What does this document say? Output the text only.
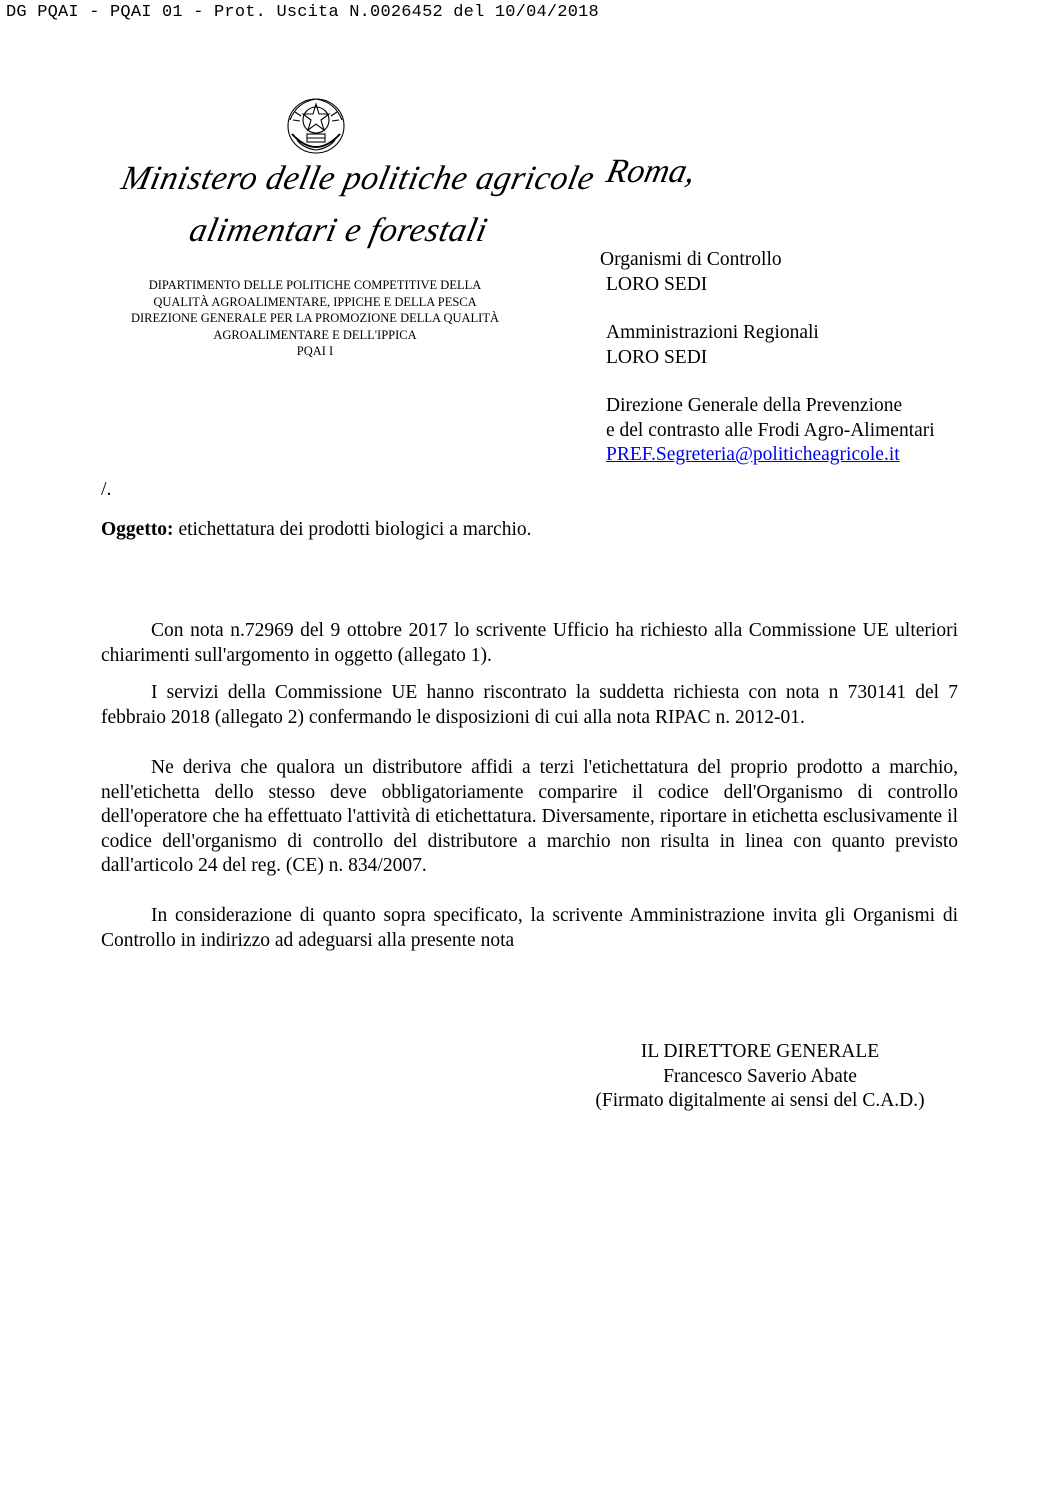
DG PQAI - PQAI 01 - Prot. Uscita N.0026452 del 10/04/2018
Ministero delle politiche agricole
alimentari e forestali
Roma,
DIPARTIMENTO DELLE POLITICHE COMPETITIVE DELLA
QUALITÀ AGROALIMENTARE, IPPICHE E DELLA PESCA
DIREZIONE GENERALE PER LA PROMOZIONE DELLA QUALITÀ
AGROALIMENTARE E DELL'IPPICA
PQAI I
Organismi di Controllo
LORO SEDI
Amministrazioni Regionali
LORO SEDI
Direzione Generale della Prevenzione
e del contrasto alle Frodi Agro-Alimentari
PREF.Segreteria@politicheagricole.it
/.
Oggetto: etichettatura dei prodotti biologici a marchio.

Con nota n.72969 del 9 ottobre 2017 lo scrivente Ufficio ha richiesto alla Commissione UE ulteriori chiarimenti sull'argomento in oggetto (allegato 1).

I servizi della Commissione UE hanno riscontrato la suddetta richiesta con nota n 730141 del 7 febbraio 2018 (allegato 2) confermando le disposizioni di cui alla nota RIPAC n. 2012-01.

Ne deriva che qualora un distributore affidi a terzi l'etichettatura del proprio prodotto a marchio, nell'etichetta dello stesso deve obbligatoriamente comparire il codice dell'Organismo di controllo dell'operatore che ha effettuato l'attività di etichettatura. Diversamente, riportare in etichetta esclusivamente il codice dell'organismo di controllo del distributore a marchio non risulta in linea con quanto previsto dall'articolo 24 del reg. (CE) n. 834/2007.

In considerazione di quanto sopra specificato, la scrivente Amministrazione invita gli Organismi di Controllo in indirizzo ad adeguarsi alla presente nota

IL DIRETTORE GENERALE
Francesco Saverio Abate
(Firmato digitalmente ai sensi del C.A.D.)
